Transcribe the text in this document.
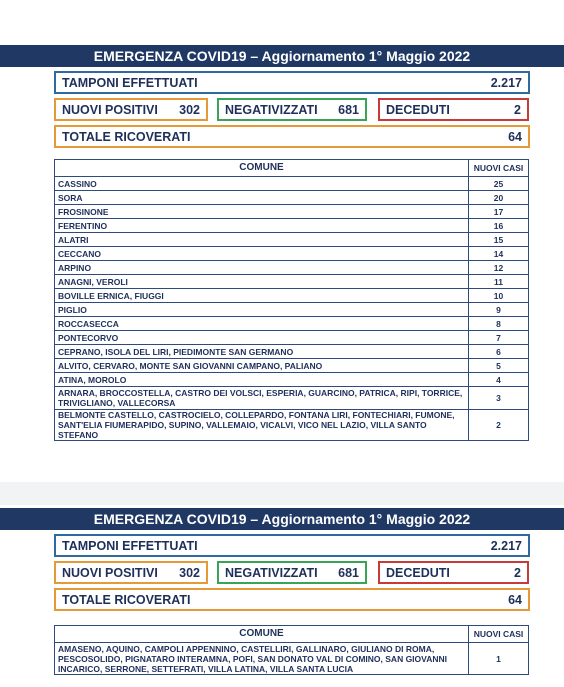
EMERGENZA COVID19 – Aggiornamento 1° Maggio 2022
TAMPONI EFFETTUATI	2.217
NUOVI POSITIVI 302 NEGATIVIZZATI 681 DECEDUTI	2
TOTALE RICOVERATI	64
COMUNE	NUOVI CASI
CASSINO	25
SORA	20
FROSINONE	17
FERENTINO	16
ALATRI	15
CECCANO	14
ARPINO	12
ANAGNI, VEROLI	11
BOVILLE ERNICA, FIUGGI	10
PIGLIO	9
ROCCASECCA	8
PONTECORVO	7
CEPRANO, ISOLA DEL LIRI, PIEDIMONTE SAN GERMANO	6
ALVITO, CERVARO, MONTE SAN GIOVANNI CAMPANO, PALIANO	5
ATINA, MOROLO	4
ARNARA, BROCCOSTELLA, CASTRO DEI VOLSCI, ESPERIA, GUARCINO, PATRICA, RIPI, TORRICE, TRIVIGLIANO, VALLECORSA	3
BELMONTE CASTELLO, CASTROCIELO, COLLEPARDO, FONTANA LIRI, FONTECHIARI, FUMONE, SANT'ELIA FIUMERAPIDO, SUPINO, VALLEMAIO, VICALVI, VICO NEL LAZIO, VILLA SANTO STEFANO	2
EMERGENZA COVID19 – Aggiornamento 1° Maggio 2022
TAMPONI EFFETTUATI	2.217
NUOVI POSITIVI 302 NEGATIVIZZATI 681 DECEDUTI	2
TOTALE RICOVERATI	64
COMUNE	NUOVI CASI
AMASENO, AQUINO, CAMPOLI APPENNINO, CASTELLIRI, GALLINARO, GIULIANO DI ROMA, PESCOSOLIDO, PIGNATARO INTERAMNA, POFI, SAN DONATO VAL DI COMINO, SAN GIOVANNI INCARICO, SERRONE, SETTEFRATI, VILLA LATINA, VILLA SANTA LUCIA	1
